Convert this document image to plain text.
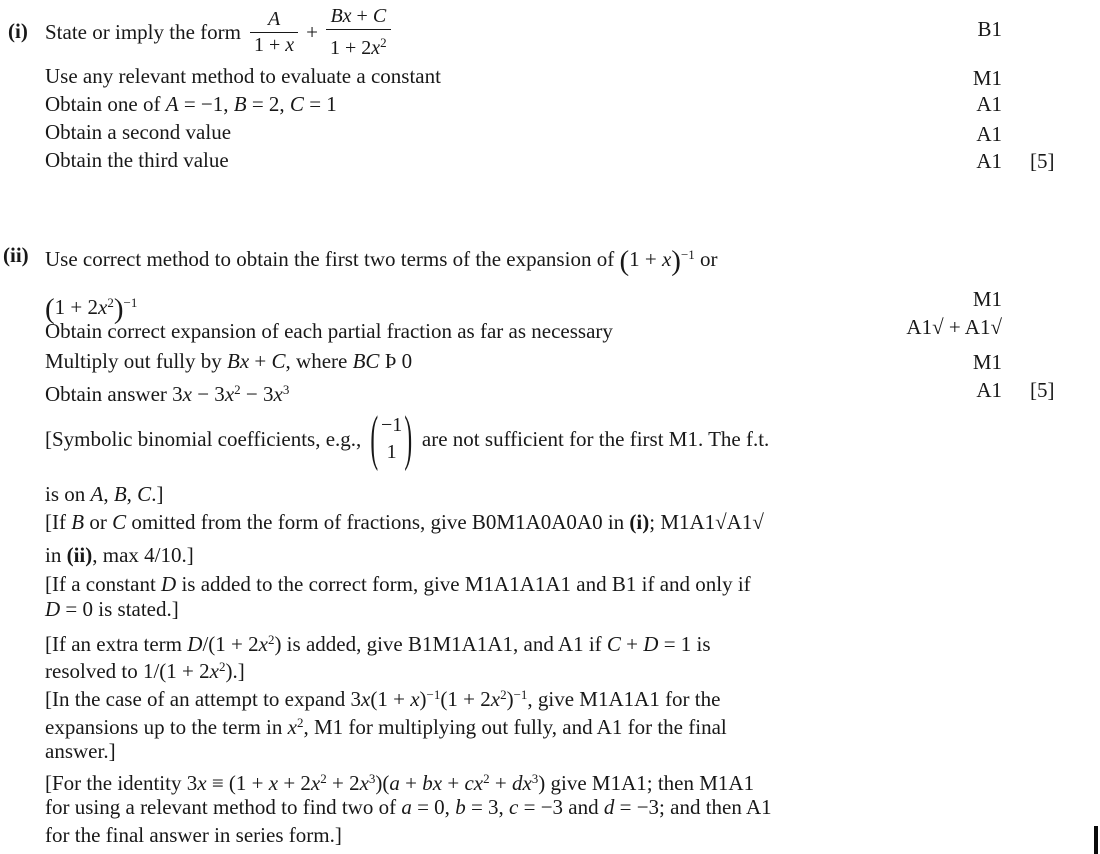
(i) State or imply the form $\frac{A}{1 + x} + \frac{Bx + C}{1 + 2x^2}$
Use any relevant method to evaluate a constant
Obtain one of A = −1, B = 2, C = 1
Obtain a second value
Obtain the third value
B1
M1
A1
A1
A1 [5]
(ii) Use correct method to obtain the first two terms of the expansion of $(1 + x)^{-1}$ or
$(1 + 2x^2)^{-1}$
Obtain correct expansion of each partial fraction as far as necessary
Multiply out fully by Bx + C, where BC Þ 0
Obtain answer $3x - 3x^2 - 3x^3$
M1
A1√ + A1√
M1
A1 [5]
[Symbolic binomial coefficients, e.g., ( −1
1 ) are not sufficient for the first M1. The f.t.
is on A, B, C.]
[If B or C omitted from the form of fractions, give B0M1A0A0A0 in (i); M1A1√A1√
in (ii), max 4/10.]
[If a constant D is added to the correct form, give M1A1A1A1 and B1 if and only if
D = 0 is stated.]
[If an extra term $D/(1 + 2x^2)$ is added, give B1M1A1A1, and A1 if C + D = 1 is
resolved to $1/(1 + 2x^2)$.]
[In the case of an attempt to expand $3x(1 + x)^{-1}(1 + 2x^2)^{-1}$, give M1A1A1 for the
expansions up to the term in $x^2$, M1 for multiplying out fully, and A1 for the final
answer.]
[For the identity $3x \equiv (1 + x + 2x^2 + 2x^3)(a$ + bx + $cx^2 + dx^3$) give M1A1; then M1A1
for using a relevant method to find two of a = 0, b = 3, c = −3 and d = −3; and then A1
for the final answer in series form.]
